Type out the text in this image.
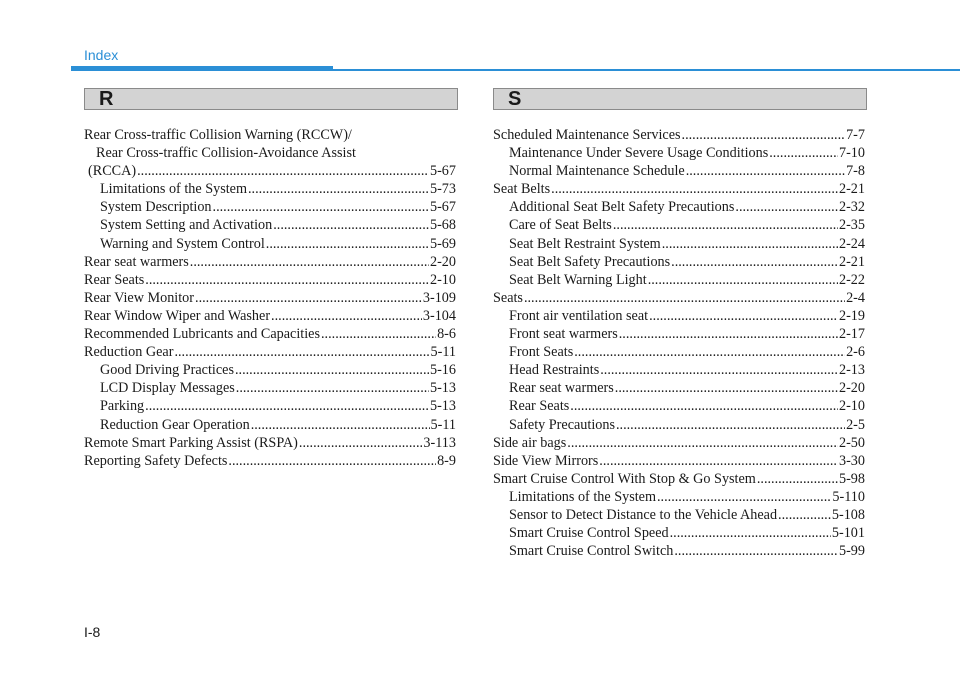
Index
R	S
Rear Cross-traffic Collision Warning (RCCW)/
Rear Cross-traffic Collision-Avoidance Assist
(RCCA) .....	5-67
Limitations of the System .....	5-73
System Description .....	5-67
System Setting and Activation .....	5-68
Warning and System Control .....	5-69
Rear seat warmers .....	2-20
Rear Seats .....	2-10
Rear View Monitor .....	3-109
Rear Window Wiper and Washer .....	3-104
Recommended Lubricants and Capacities .....	8-6
Reduction Gear .....	5-11
Good Driving Practices .....	5-16
LCD Display Messages .....	5-13
Parking .....	5-13
Reduction Gear Operation .....	5-11
Remote Smart Parking Assist (RSPA) .....	3-113
Reporting Safety Defects .....	8-9
Scheduled Maintenance Services .....	7-7
Maintenance Under Severe Usage Conditions .....	7-10
Normal Maintenance Schedule .....	7-8
Seat Belts .....	2-21
Additional Seat Belt Safety Precautions .....	2-32
Care of Seat Belts .....	2-35
Seat Belt Restraint System .....	2-24
Seat Belt Safety Precautions .....	2-21
Seat Belt Warning Light .....	2-22
Seats .....	2-4
Front air ventilation seat .....	2-19
Front seat warmers .....	2-17
Front Seats .....	2-6
Head Restraints .....	2-13
Rear seat warmers .....	2-20
Rear Seats .....	2-10
Safety Precautions .....	2-5
Side air bags .....	2-50
Side View Mirrors .....	3-30
Smart Cruise Control With Stop & Go System .....	5-98
Limitations of the System .....	5-110
Sensor to Detect Distance to the Vehicle Ahead .....	5-108
Smart Cruise Control Speed .....	5-101
Smart Cruise Control Switch .....	5-99
I-8
